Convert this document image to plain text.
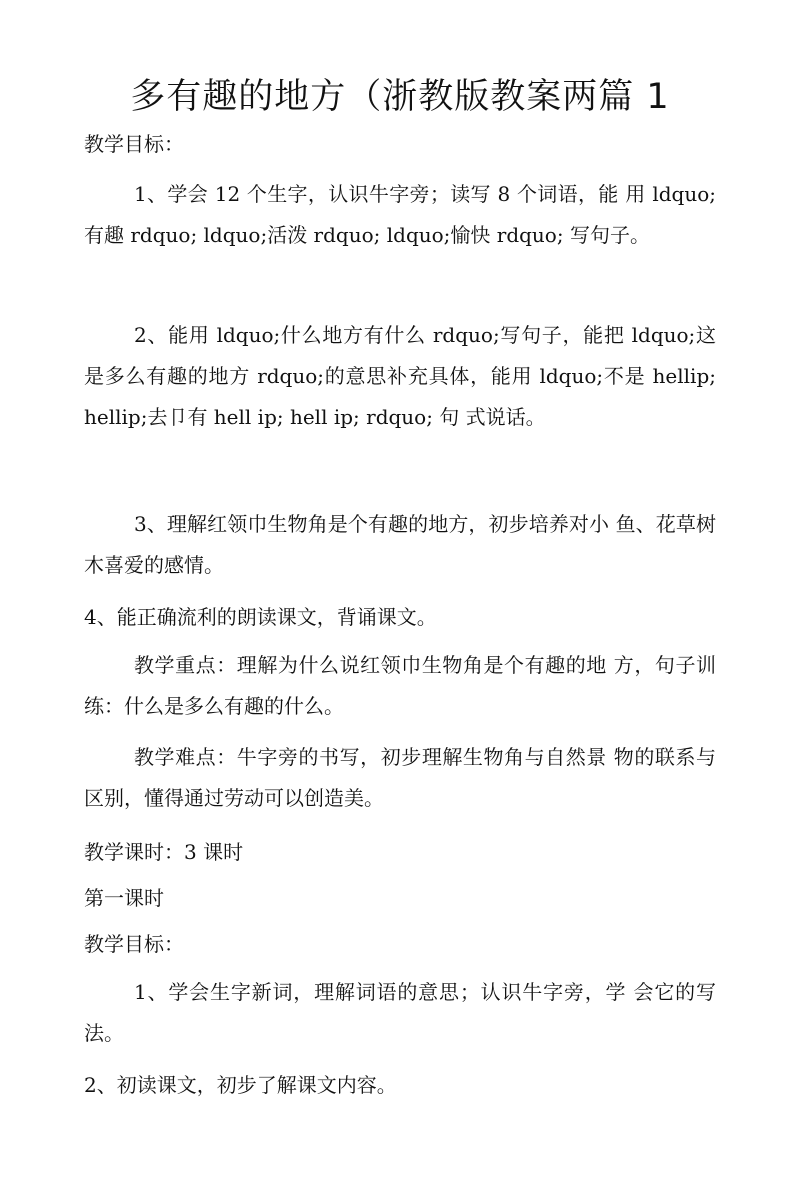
多有趣的地方（浙教版教案两篇 1
教学目标：
1、学会 12 个生字，认识牛字旁；读写 8 个词语，能 用 ldquo;有趣 rdquo; ldquo;活泼 rdquo; ldquo;愉快 rdquo; 写句子。
2、能用 ldquo;什么地方有什么 rdquo;写句子，能把 ldquo;这是多么有趣的地方 rdquo;的意思补充具体，能用 ldquo;不是 hellip; hellip;去卩有 hell ip; hell ip; rdquo; 句 式说话。
3、理解红领巾生物角是个有趣的地方，初步培养对小 鱼、花草树木喜爱的感情。
4、能正确流利的朗读课文，背诵课文。
教学重点：理解为什么说红领巾生物角是个有趣的地 方，句子训练：什么是多么有趣的什么。
教学难点：牛字旁的书写，初步理解生物角与自然景 物的联系与区别，懂得通过劳动可以创造美。
教学课时：3 课时
第一课时
教学目标：
1、学会生字新词，理解词语的意思；认识牛字旁，学 会它的写法。
2、初读课文，初步了解课文内容。
